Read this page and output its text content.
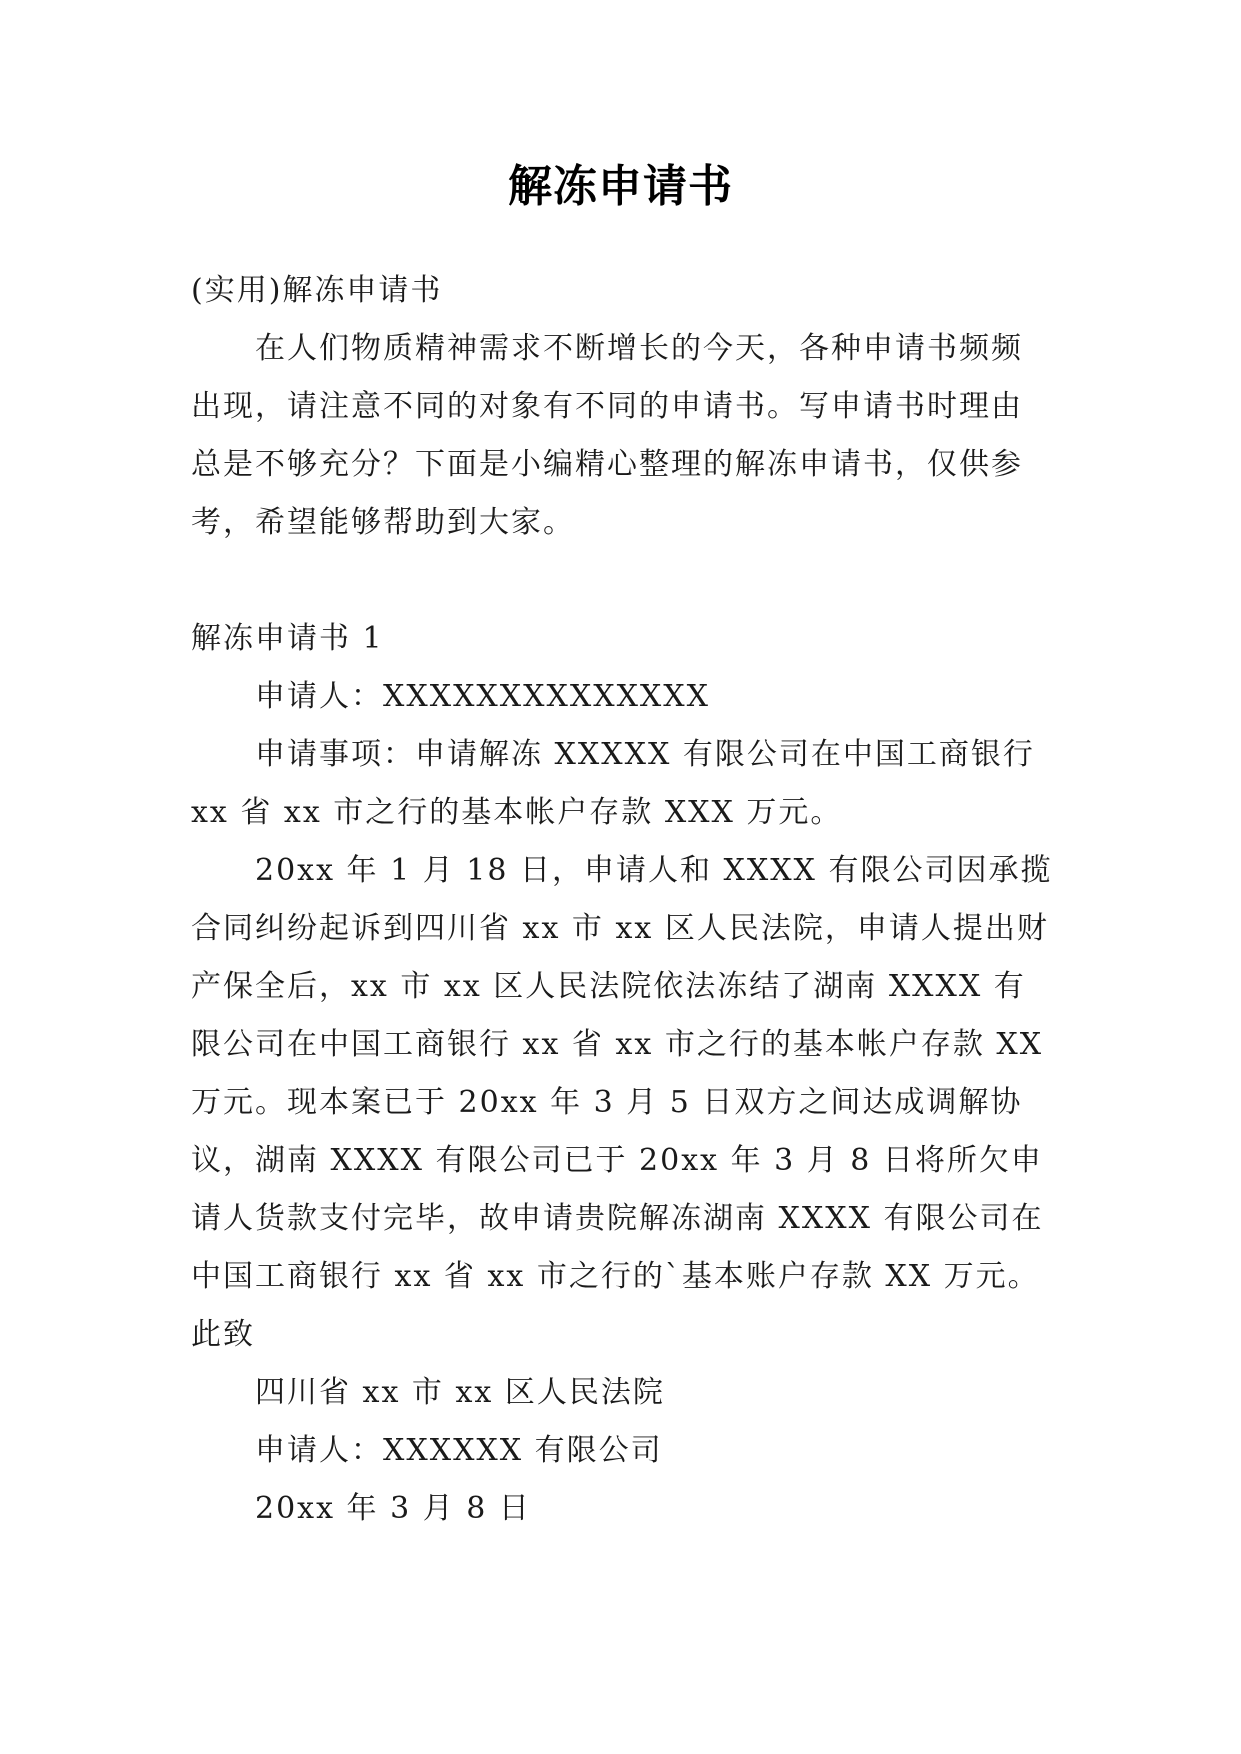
解冻申请书

(实用)解冻申请书

在人们物质精神需求不断增长的今天，各种申请书频频出现，请注意不同的对象有不同的申请书。写申请书时理由总是不够充分？下面是小编精心整理的解冻申请书，仅供参考，希望能够帮助到大家。

解冻申请书 1

申请人：XXXXXXXXXXXXXX

申请事项：申请解冻 XXXXX 有限公司在中国工商银行 xx 省 xx 市之行的基本帐户存款 XXX 万元。

20xx 年 1 月 18 日，申请人和 XXXX 有限公司因承揽合同纠纷起诉到四川省 xx 市 xx 区人民法院，申请人提出财产保全后，xx 市 xx 区人民法院依法冻结了湖南 XXXX 有限公司在中国工商银行 xx 省 xx 市之行的基本帐户存款 XX 万元。现本案已于 20xx 年 3 月 5 日双方之间达成调解协议，湖南 XXXX 有限公司已于 20xx 年 3 月 8 日将所欠申请人货款支付完毕，故申请贵院解冻湖南 XXXX 有限公司在中国工商银行 xx 省 xx 市之行的`基本账户存款 XX 万元。

此致

四川省 xx 市 xx 区人民法院

申请人：XXXXXX 有限公司

20xx 年 3 月 8 日
